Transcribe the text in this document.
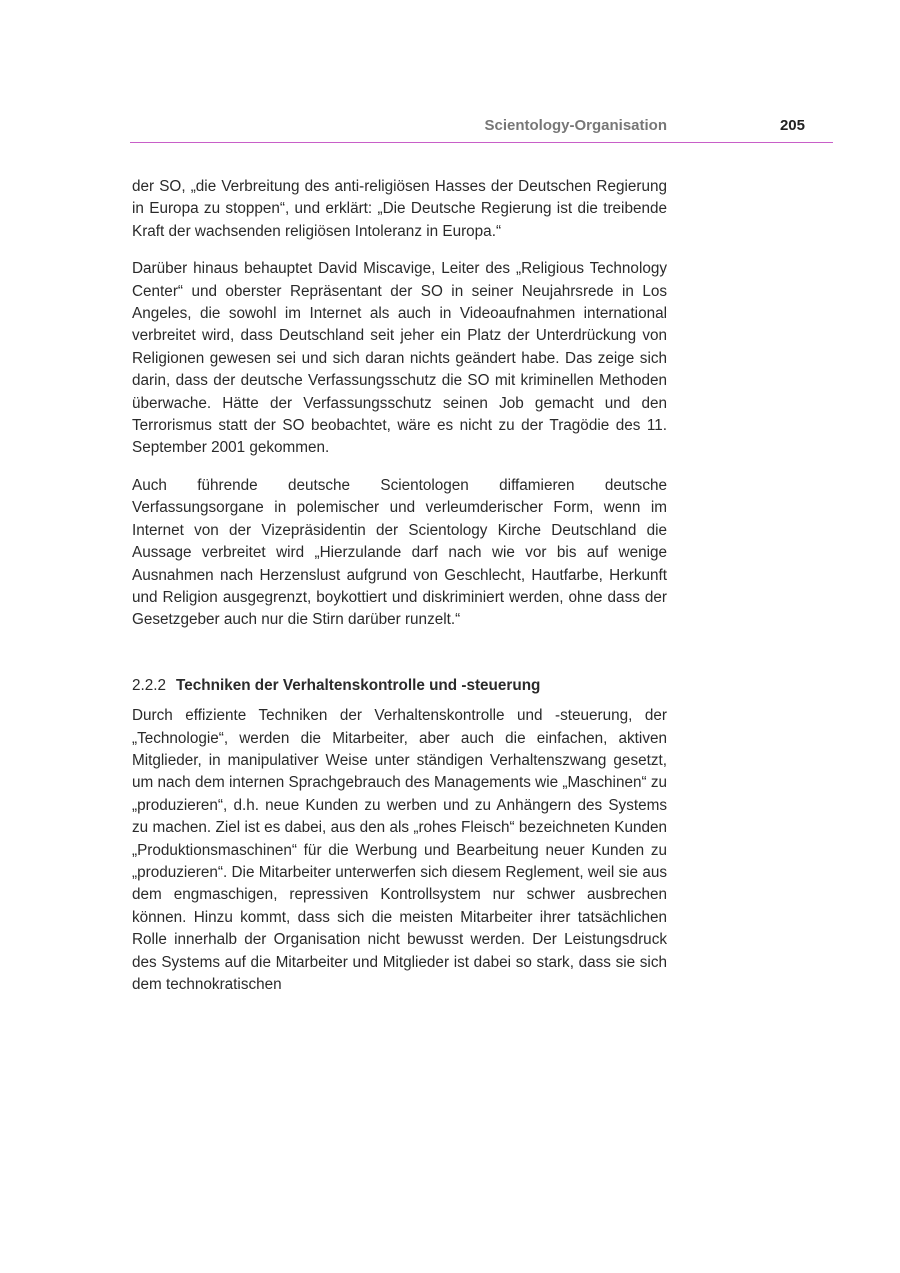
Scientology-Organisation	205

der SO, „die Verbreitung des anti-religiösen Hasses der Deutschen Regierung in Europa zu stoppen“, und erklärt: „Die Deutsche Regierung ist die treibende Kraft der wachsenden religiösen Intoleranz in Europa.“

Darüber hinaus behauptet David Miscavige, Leiter des „Religious Technology Center“ und oberster Repräsentant der SO in seiner Neujahrsrede in Los Angeles, die sowohl im Internet als auch in Videoaufnahmen international verbreitet wird, dass Deutschland seit jeher ein Platz der Unterdrückung von Religionen gewesen sei und sich daran nichts geändert habe. Das zeige sich darin, dass der deutsche Verfassungsschutz die SO mit kriminellen Methoden überwache. Hätte der Verfassungsschutz seinen Job gemacht und den Terrorismus statt der SO beobachtet, wäre es nicht zu der Tragödie des 11. September 2001 gekommen.

Auch führende deutsche Scientologen diffamieren deutsche Verfassungsorgane in polemischer und verleumderischer Form, wenn im Internet von der Vizepräsidentin der Scientology Kirche Deutschland die Aussage verbreitet wird „Hierzulande darf nach wie vor bis auf wenige Ausnahmen nach Herzenslust aufgrund von Geschlecht, Hautfarbe, Herkunft und Religion ausgegrenzt, boykottiert und diskriminiert werden, ohne dass der Gesetzgeber auch nur die Stirn darüber runzelt.“

2.2.2 Techniken der Verhaltenskontrolle und -steuerung

Durch effiziente Techniken der Verhaltenskontrolle und -steuerung, der „Technologie“, werden die Mitarbeiter, aber auch die einfachen, aktiven Mitglieder, in manipulativer Weise unter ständigen Verhaltenszwang gesetzt, um nach dem internen Sprachgebrauch des Managements wie „Maschinen“ zu „produzieren“, d.h. neue Kunden zu werben und zu Anhängern des Systems zu machen. Ziel ist es dabei, aus den als „rohes Fleisch“ bezeichneten Kunden „Produktionsmaschinen“ für die Werbung und Bearbeitung neuer Kunden zu „produzieren“. Die Mitarbeiter unterwerfen sich diesem Reglement, weil sie aus dem engmaschigen, repressiven Kontrollsystem nur schwer ausbrechen können. Hinzu kommt, dass sich die meisten Mitarbeiter ihrer tatsächlichen Rolle innerhalb der Organisation nicht bewusst werden. Der Leistungsdruck des Systems auf die Mitarbeiter und Mitglieder ist dabei so stark, dass sie sich dem technokratischen
